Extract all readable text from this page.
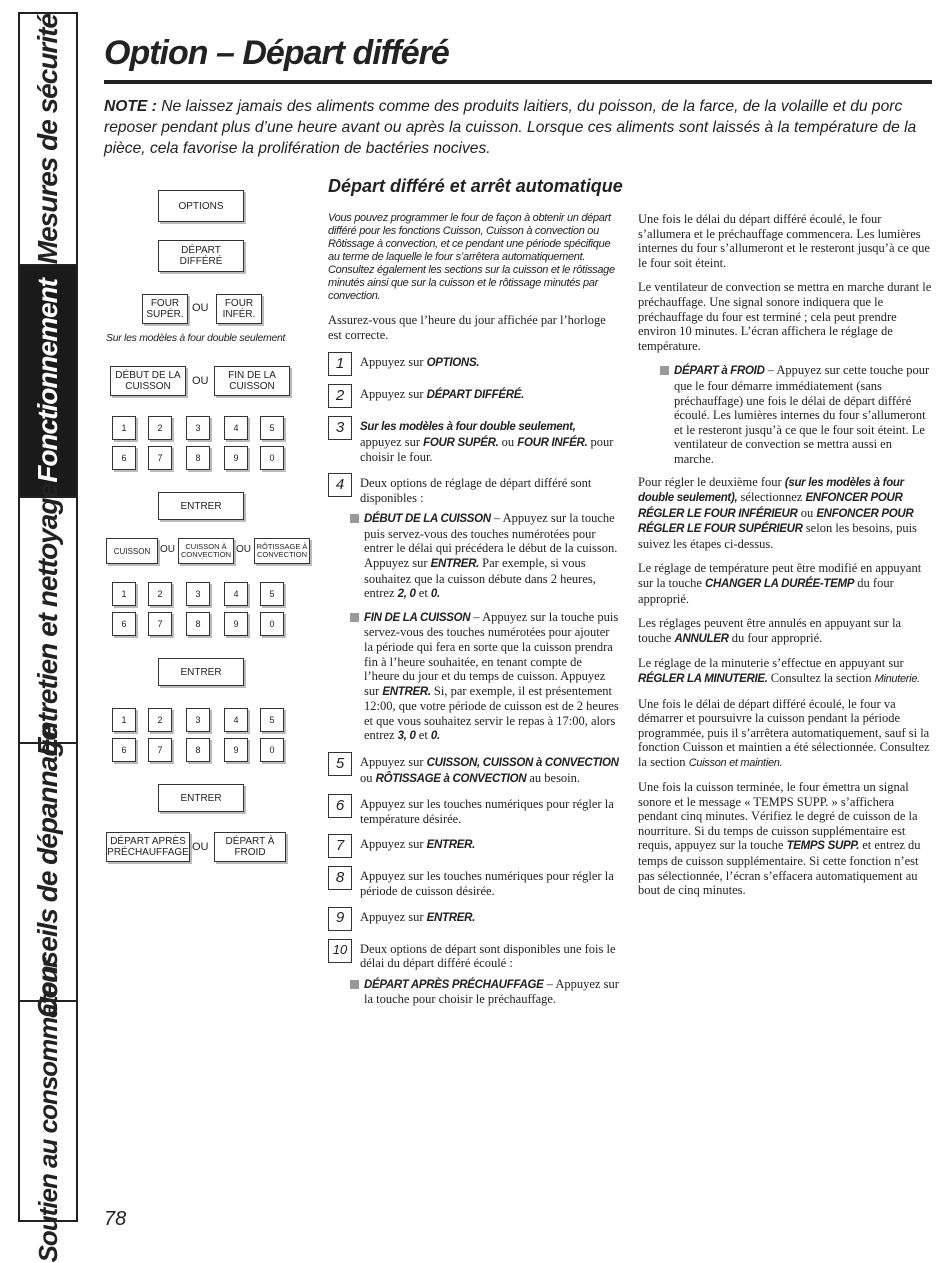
Mesures de sécurité
Fonctionnement
Entretien et nettoyage
Conseils de dépannage
Soutien au consommateur
Option – Départ différé
NOTE : Ne laissez jamais des aliments comme des produits laitiers, du poisson, de la farce, de la volaille et du porc reposer pendant plus d’une heure avant ou après la cuisson. Lorsque ces aliments sont laissés à la température de la pièce, cela favorise la prolifération de bactéries nocives.
OPTIONS
DÉPART
DIFFÉRÉ
FOUR
SUPÉR.
OU FOUR
INFÉR.
DÉBUT DE LA
CUISSON OU FIN DE LA
CUISSON
1	2	3	4	5
6	7	8	9	0
ENTRER
CUISSON OU CUISSON À
CONVECTION OU RÔTISSAGE À
CONVECTION
1	2	3	4	5
6	7	8	9	0
ENTRER
1	2	3	4	5
6	7	8	9	0
ENTRER
DÉPART APRÈS
PRÉCHAUFFAGE OU DÉPART À
FROID
Sur les modèles à four double seulement
Départ différé et arrêt automatique

Vous pouvez programmer le four de façon à obtenir un départ différé pour les fonctions Cuisson, Cuisson à convection ou Rôtissage à convection, et ce pendant une période spécifique au terme de laquelle le four s’arrêtera automatiquement. Consultez également les sections sur la cuisson et le rôtissage minutés ainsi que sur la cuisson et le rôtissage minutés par convection.

Assurez-vous que l’heure du jour affichée par l’horloge est correcte.

1	Appuyez sur OPTIONS.
2	Appuyez sur DÉPART DIFFÉRÉ.
3	Sur les modèles à four double seulement, appuyez sur FOUR SUPÉR. ou FOUR INFÉR. pour choisir le four.
4	Deux options de réglage de départ différé sont disponibles :
DÉBUT DE LA CUISSON – Appuyez sur la touche puis servez-vous des touches numérotées pour entrer le délai qui précédera le début de la cuisson. Appuyez sur ENTRER. Par exemple, si vous souhaitez que la cuisson débute dans 2 heures, entrez 2, 0 et 0.
FIN DE LA CUISSON – Appuyez sur la touche puis servez-vous des touches numérotées pour ajouter la période qui fera en sorte que la cuisson prendra fin à l’heure souhaitée, en tenant compte de l’heure du jour et du temps de cuisson. Appuyez sur ENTRER. Si, par exemple, il est présentement 12:00, que votre période de cuisson est de 2 heures et que vous souhaitez servir le repas à 17:00, alors entrez 3, 0 et 0.
5	Appuyez sur CUISSON, CUISSON à CONVECTION ou RÔTISSAGE à CONVECTION au besoin.
6	Appuyez sur les touches numériques pour régler la température désirée.
7	Appuyez sur ENTRER.
8	Appuyez sur les touches numériques pour régler la période de cuisson désirée.
9	Appuyez sur ENTRER.
10	Deux options de départ sont disponibles une fois le délai du départ différé écoulé :
DÉPART APRÈS PRÉCHAUFFAGE – Appuyez sur la touche pour choisir le préchauffage.

Une fois le délai du départ différé écoulé, le four s’allumera et le préchauffage commencera. Les lumières internes du four s’allumeront et le resteront jusqu’à ce que le four soit éteint.

Le ventilateur de convection se mettra en marche durant le préchauffage. Une signal sonore indiquera que le préchauffage du four est terminé ; cela peut prendre environ 10 minutes. L’écran affichera le réglage de température.

DÉPART à FROID – Appuyez sur cette touche pour que le four démarre immédiatement (sans préchauffage) une fois le délai de départ différé écoulé. Les lumières internes du four s’allumeront et le resteront jusqu’à ce que le four soit éteint. Le ventilateur de convection se mettra aussi en marche.

Pour régler le deuxième four (sur les modèles à four double seulement), sélectionnez ENFONCER POUR RÉGLER LE FOUR INFÉRIEUR ou ENFONCER POUR RÉGLER LE FOUR SUPÉRIEUR selon les besoins, puis suivez les étapes ci-dessus.

Le réglage de température peut être modifié en appuyant sur la touche CHANGER LA DURÉE-TEMP du four approprié.

Les réglages peuvent être annulés en appuyant sur la touche ANNULER du four approprié.

Le réglage de la minuterie s’effectue en appuyant sur RÉGLER LA MINUTERIE. Consultez la section Minuterie.

Une fois le délai de départ différé écoulé, le four va démarrer et poursuivre la cuisson pendant la période programmée, puis il s’arrêtera automatiquement, sauf si la fonction Cuisson et maintien a été sélectionnée. Consultez la section Cuisson et maintien.

Une fois la cuisson terminée, le four émettra un signal sonore et le message « TEMPS SUPP. » s’affichera pendant cinq minutes. Vérifiez le degré de cuisson de la nourriture. Si du temps de cuisson supplémentaire est requis, appuyez sur la touche TEMPS SUPP. et entrez du temps de cuisson supplémentaire. Si cette fonction n’est pas sélectionnée, l’écran s’effacera automatiquement au bout de cinq minutes.

78
